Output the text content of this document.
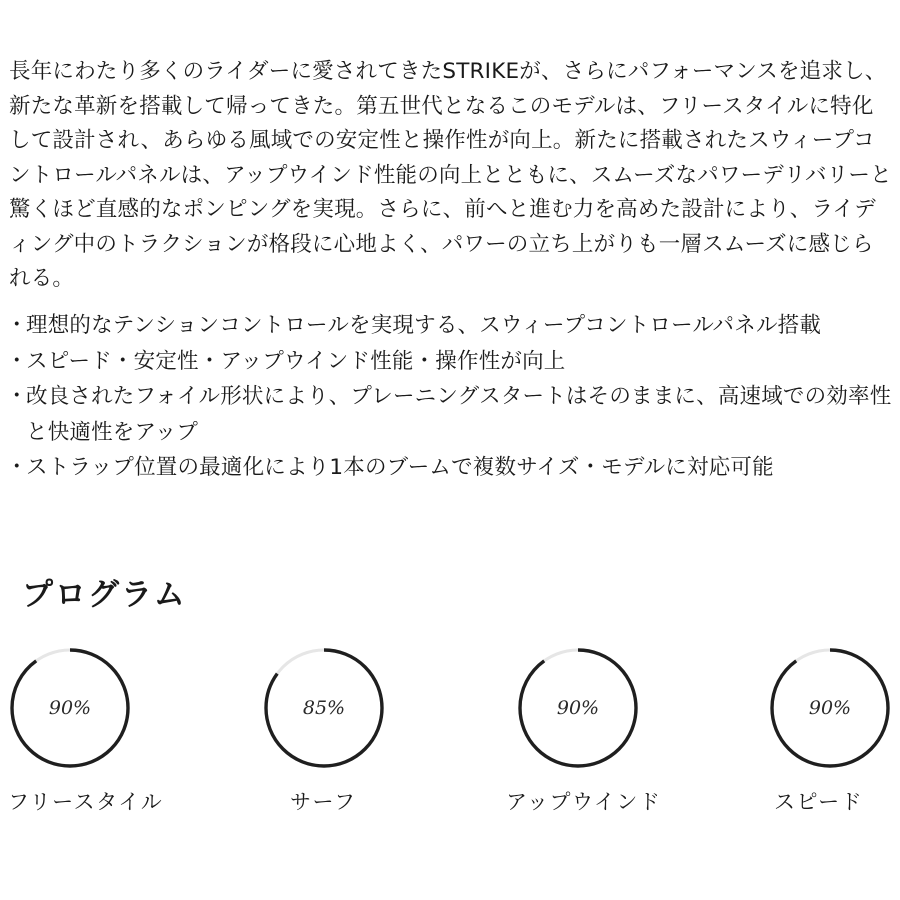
長年にわたり多くのライダーに愛されてきたSTRIKEが、さらにパフォーマンスを追求し、新たな革新を搭載して帰ってきた。第五世代となるこのモデルは、フリースタイルに特化して設計され、あらゆる風域での安定性と操作性が向上。新たに搭載されたスウィープコントロールパネルは、アップウインド性能の向上とともに、スムーズなパワーデリバリーと驚くほど直感的なポンピングを実現。さらに、前へと進む力を高めた設計により、ライディング中のトラクションが格段に心地よく、パワーの立ち上がりも一層スムーズに感じられる。

・
理想的なテンションコントロールを実現する、スウィープコントロールパネル搭載
・
スピード・安定性・アップウインド性能・操作性が向上
・
改良されたフォイル形状により、プレーニングスタートはそのままに、高速域での効率性と快適性をアップ
・
ストラップ位置の最適化により1本のブームで複数サイズ・モデルに対応可能
プログラム
90%
フリースタイル
85%
サーフ
90%
アップウインド
90%
スピード
